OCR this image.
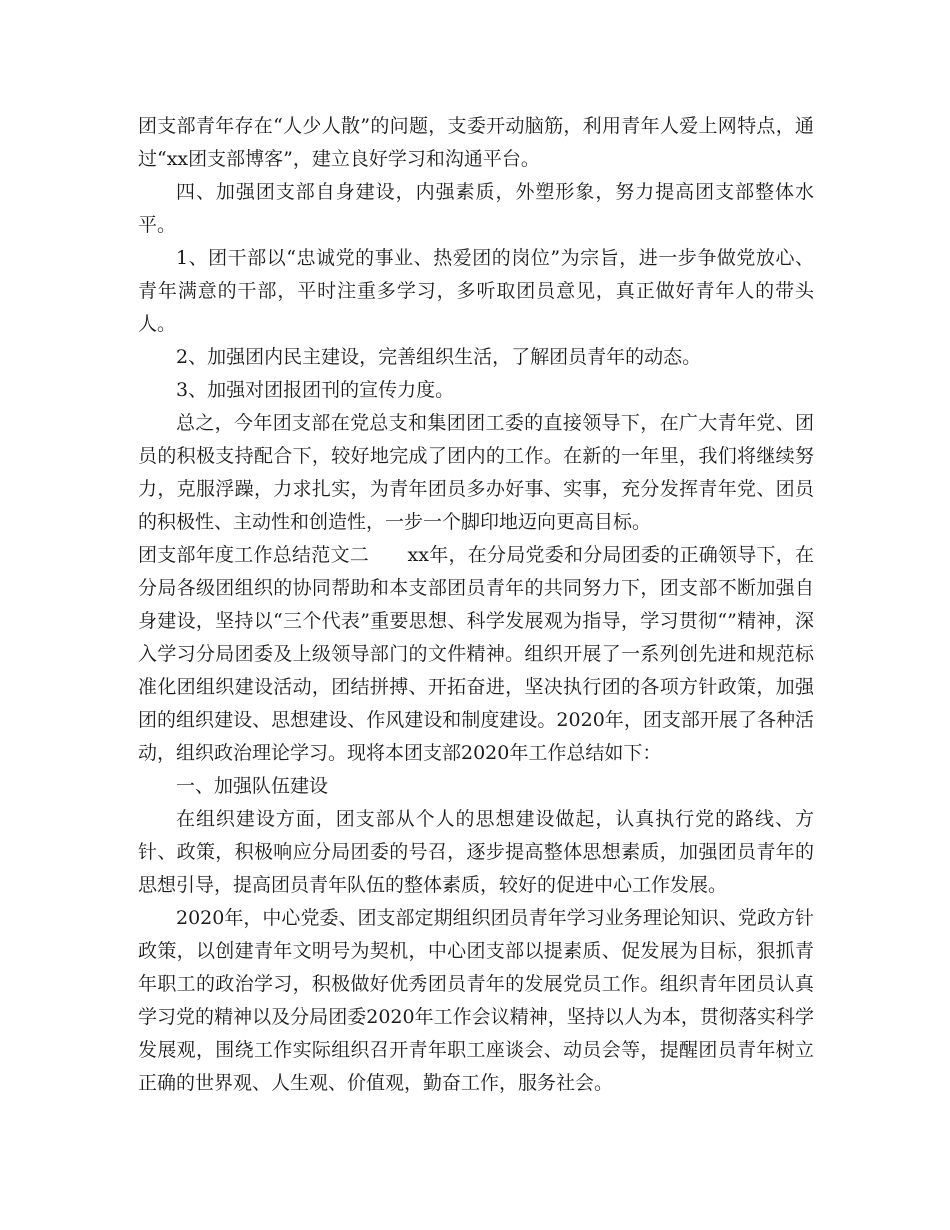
团支部青年存在“人少人散”的问题，支委开动脑筋，利用青年人爱上网特点，通过“xx团支部博客”，建立良好学习和沟通平台。

四、加强团支部自身建设，内强素质，外塑形象，努力提高团支部整体水平。

1、团干部以“忠诚党的事业、热爱团的岗位”为宗旨，进一步争做党放心、青年满意的干部，平时注重多学习，多听取团员意见，真正做好青年人的带头人。

2、加强团内民主建设，完善组织生活，了解团员青年的动态。

3、加强对团报团刊的宣传力度。

总之，今年团支部在党总支和集团团工委的直接领导下，在广大青年党、团员的积极支持配合下，较好地完成了团内的工作。在新的一年里，我们将继续努力，克服浮躁，力求扎实，为青年团员多办好事、实事，充分发挥青年党、团员的积极性、主动性和创造性，一步一个脚印地迈向更高目标。

团支部年度工作总结范文二　　xx年，在分局党委和分局团委的正确领导下，在分局各级团组织的协同帮助和本支部团员青年的共同努力下，团支部不断加强自身建设，坚持以“三个代表”重要思想、科学发展观为指导，学习贯彻“”精神，深入学习分局团委及上级领导部门的文件精神。组织开展了一系列创先进和规范标准化团组织建设活动，团结拼搏、开拓奋进，坚决执行团的各项方针政策，加强团的组织建设、思想建设、作风建设和制度建设。2020年，团支部开展了各种活动，组织政治理论学习。现将本团支部2020年工作总结如下：

一、加强队伍建设

在组织建设方面，团支部从个人的思想建设做起，认真执行党的路线、方针、政策，积极响应分局团委的号召，逐步提高整体思想素质，加强团员青年的思想引导，提高团员青年队伍的整体素质，较好的促进中心工作发展。

2020年，中心党委、团支部定期组织团员青年学习业务理论知识、党政方针政策，以创建青年文明号为契机，中心团支部以提素质、促发展为目标，狠抓青年职工的政治学习，积极做好优秀团员青年的发展党员工作。组织青年团员认真学习党的精神以及分局团委2020年工作会议精神，坚持以人为本，贯彻落实科学发展观，围绕工作实际组织召开青年职工座谈会、动员会等，提醒团员青年树立正确的世界观、人生观、价值观，勤奋工作，服务社会。
